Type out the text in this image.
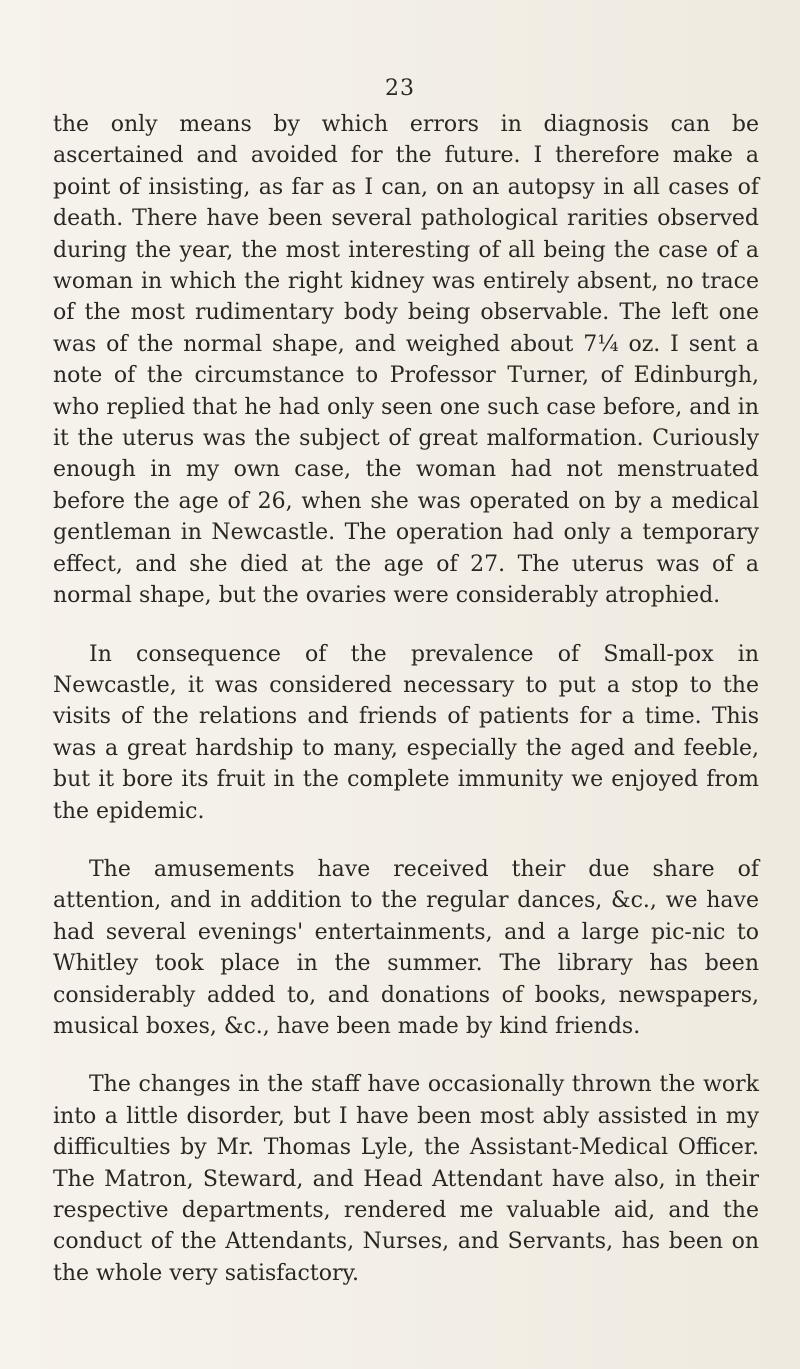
23

the only means by which errors in diagnosis can be ascertained and avoided for the future. I therefore make a point of insisting, as far as I can, on an autopsy in all cases of death. There have been several pathological rarities observed during the year, the most interesting of all being the case of a woman in which the right kidney was entirely absent, no trace of the most rudimentary body being observable. The left one was of the normal shape, and weighed about 7¼ oz. I sent a note of the circumstance to Professor Turner, of Edinburgh, who replied that he had only seen one such case before, and in it the uterus was the subject of great malformation. Curiously enough in my own case, the woman had not menstruated before the age of 26, when she was operated on by a medical gentleman in Newcastle. The operation had only a temporary effect, and she died at the age of 27. The uterus was of a normal shape, but the ovaries were considerably atrophied.

In consequence of the prevalence of Small-pox in Newcastle, it was considered necessary to put a stop to the visits of the relations and friends of patients for a time. This was a great hardship to many, especially the aged and feeble, but it bore its fruit in the complete immunity we enjoyed from the epidemic.

The amusements have received their due share of attention, and in addition to the regular dances, &c., we have had several evenings' entertainments, and a large pic-nic to Whitley took place in the summer. The library has been considerably added to, and donations of books, newspapers, musical boxes, &c., have been made by kind friends.

The changes in the staff have occasionally thrown the work into a little disorder, but I have been most ably assisted in my difficulties by Mr. Thomas Lyle, the Assistant-Medical Officer. The Matron, Steward, and Head Attendant have also, in their respective departments, rendered me valuable aid, and the conduct of the Attendants, Nurses, and Servants, has been on the whole very satisfactory.
